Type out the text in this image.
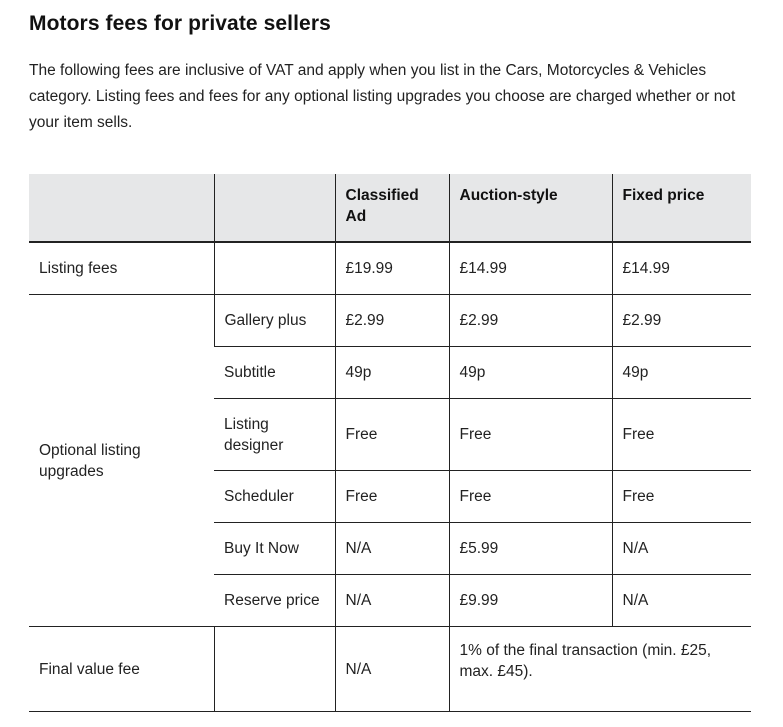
Motors fees for private sellers

The following fees are inclusive of VAT and apply when you list in the Cars, Motorcycles & Vehicles category. Listing fees and fees for any optional listing upgrades you choose are charged whether or not your item sells.

		Classified Ad	Auction-style	Fixed price
Listing fees		£19.99	£14.99	£14.99
Optional listing upgrades	Gallery plus	£2.99	£2.99	£2.99
	Subtitle	49p	49p	49p
	Listing designer	Free	Free	Free
	Scheduler	Free	Free	Free
	Buy It Now	N/A	£5.99	N/A
	Reserve price	N/A	£9.99	N/A
Final value fee		N/A	1% of the final transaction (min. £25, max. £45).	
